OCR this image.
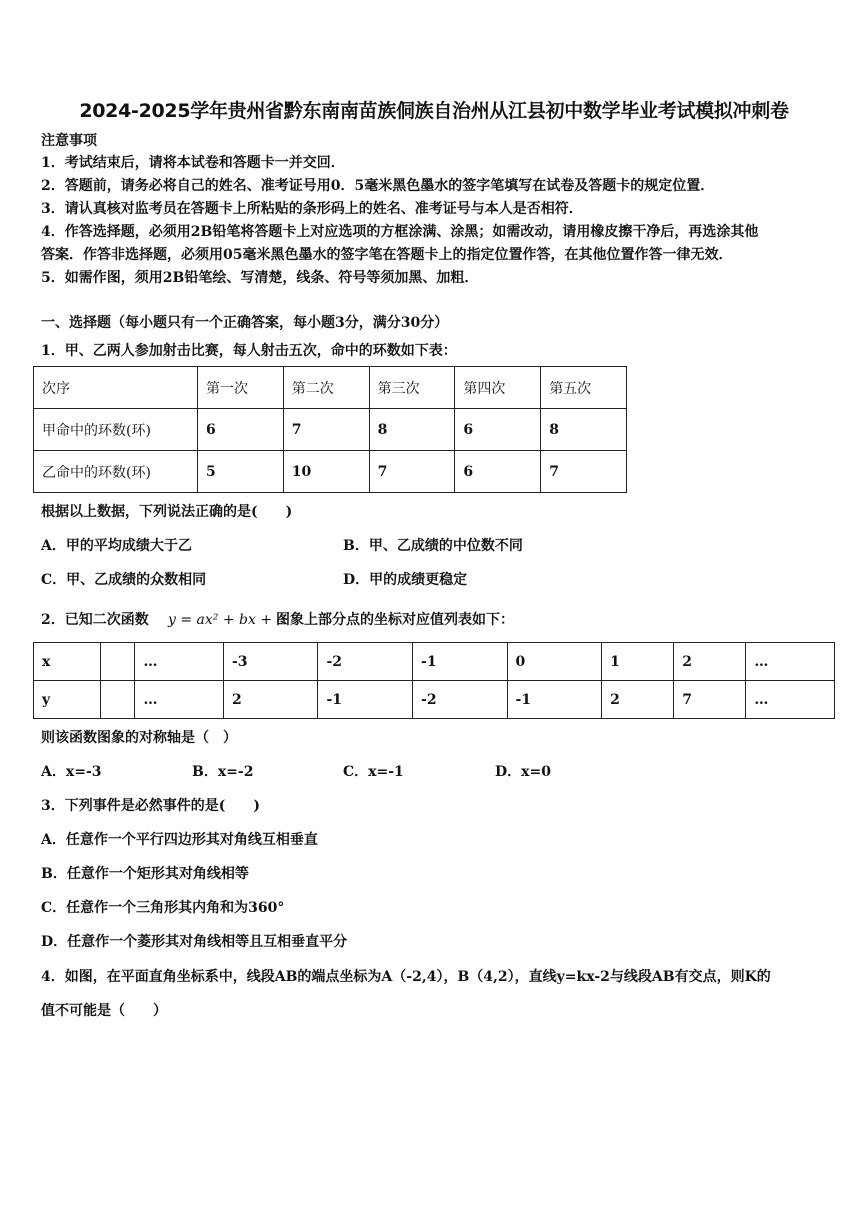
2024-2025学年贵州省黔东南南苗族侗族自治州从江县初中数学毕业考试模拟冲刺卷
注意事项
1．考试结束后，请将本试卷和答题卡一并交回．
2．答题前，请务必将自己的姓名、准考证号用0．5毫米黑色墨水的签字笔填写在试卷及答题卡的规定位置．
3．请认真核对监考员在答题卡上所粘贴的条形码上的姓名、准考证号与本人是否相符．
4．作答选择题，必须用2B铅笔将答题卡上对应选项的方框涂满、涂黑；如需改动，请用橡皮擦干净后，再选涂其他
答案．作答非选择题，必须用05毫米黑色墨水的签字笔在答题卡上的指定位置作答，在其他位置作答一律无效．
5．如需作图，须用2B铅笔绘、写清楚，线条、符号等须加黑、加粗．
一、选择题（每小题只有一个正确答案，每小题3分，满分30分）
1．甲、乙两人参加射击比赛，每人射击五次，命中的环数如下表：
次序	第一次	第二次	第三次	第四次	第五次
甲命中的环数(环)	6	7	8	6	8
乙命中的环数(环)	5	10	7	6	7
根据以上数据，下列说法正确的是(　　)
A．甲的平均成绩大于乙	B．甲、乙成绩的中位数不同
C．甲、乙成绩的众数相同	D．甲的成绩更稳定
2．已知二次函数 y = ax² + bx + c
图象上部分点的坐标对应值列表如下：
x		…	-3	-2	-1	0	1	2	…
y		…	2	-1	-2	-1	2	7	…
则该函数图象的对称轴是（　）
A．x=-3	B．x=-2	C．x=-1	D．x=0
3．下列事件是必然事件的是(　　)
A．任意作一个平行四边形其对角线互相垂直
B．任意作一个矩形其对角线相等
C．任意作一个三角形其内角和为360°
D．任意作一个菱形其对角线相等且互相垂直平分
4．如图，在平面直角坐标系中，线段AB的端点坐标为A（-2,4），B（4,2），直线y=kx-2与线段AB有交点，则K的
值不可能是（　　）
